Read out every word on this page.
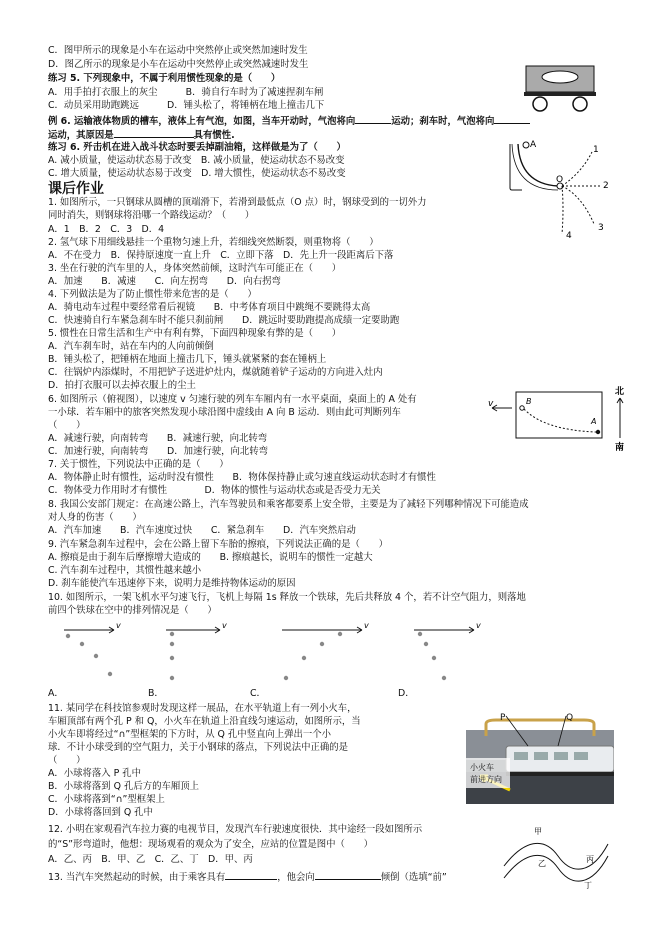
C．图甲所示的现象是小车在运动中突然停止或突然加速时发生
D．图乙所示的现象是小车在运动中突然停止或突然减速时发生
练习 5. 下列现象中，不属于利用惯性现象的是（　　）
A．用手拍打衣服上的灰尘　　　B．骑自行车时为了减速捏刹车闸
C．动员采用助跑跳远　　　D．锤头松了，将锤柄在地上撞击几下
例 6. 运输液体物质的槽车，液体上有气泡，如图，当车开动时，气泡将向	运动；刹车时，气泡将向
运动，其原因是	具有惯性.
练习 6. 歼击机在进入战斗状态时要丢掉副油箱，这样做是为了（　　）
A. 减小质量，使运动状态易于改变　B. 减小质量，使运动状态不易改变
C. 增大质量，使运动状态易于改变　D. 增大惯性，使运动状态不易改变
课后作业
1. 如图所示，一只钢球从圆槽的顶端滑下，若滑到最低点（O 点）时，钢球受到的一切外力
同时消失，则钢球将沿哪一个路线运动？（　　）
A．1　B．2　C．3　D．4
2. 氢气球下用细线悬挂一个重物匀速上升，若细线突然断裂，则重物将（　　）
A．不在受力　B．保持原速度一直上升　C．立即下落　D．先上升一段距离后下落
3. 坐在行驶的汽车里的人，身体突然前倾，这时汽车可能正在（　　）
A．加速　　B．减速　　C．向左拐弯　　D．向右拐弯
4. 下列做法是为了防止惯性带来危害的是（　　）
A．骑电动车过程中要经常看后视镜　　B．中考体育项目中跳绳不要跳得太高
C．快速骑自行车紧急刹车时不能只刹前闸　　D．跳远时要助跑提高成绩一定要助跑
5. 惯性在日常生活和生产中有利有弊，下面四种现象有弊的是（　　）
A．汽车刹车时，站在车内的人向前倾倒
B．锤头松了，把锤柄在地面上撞击几下，锤头就紧紧的套在锤柄上
C．往锅炉内添煤时，不用把铲子送进炉灶内，煤就随着铲子运动的方向进入灶内
D．拍打衣服可以去掉衣服上的尘土
6. 如图所示（俯视图），以速度 v 匀速行驶的列车车厢内有一水平桌面，桌面上的 A 处有
一小球．若车厢中的旅客突然发现小球沿图中虚线由 A 向 B 运动．则由此可判断列车
（　　）
A．减速行驶，向南转弯　　B．减速行驶，向北转弯
C．加速行驶，向南转弯　　D．加速行驶，向北转弯
7. 关于惯性，下列说法中正确的是（　　）
A．物体静止时有惯性，运动时没有惯性　　B．物体保持静止或匀速直线运动状态时才有惯性
C．物体受力作用时才有惯性　　　　D．物体的惯性与运动状态或是否受力无关
8. 我国公安部门规定：在高速公路上，汽车驾驶员和乘客都要系上安全带，主要是为了减轻下列哪种情况下可能造成
对人身的伤害（　　）
A．汽车加速　　B．汽车速度过快　　C．紧急刹车　　D．汽车突然启动
9. 汽车紧急刹车过程中，会在公路上留下车胎的擦痕，下列说法正确的是（　　）
A. 擦痕是由于刹车后摩擦增大造成的　　B. 擦痕越长，说明车的惯性一定越大
C. 汽车刹车过程中，其惯性越来越小
D. 刹车能使汽车迅速停下来，说明力是维持物体运动的原因
10. 如图所示，一架飞机水平匀速飞行，飞机上每隔 1s 释放一个铁球，先后共释放 4 个，若不计空气阻力，则落地
前四个铁球在空中的排列情况是（　　）
11. 某同学在科技馆参观时发现这样一展品，在水平轨道上有一列小火车，
车厢顶部有两个孔 P 和 Q，小火车在轨道上沿直线匀速运动，如图所示，当
小火车即将经过“∩”型框架的下方时，从 Q 孔中竖直向上弹出一个小
球．不计小球受到的空气阻力，关于小钢球的落点，下列说法中正确的是
（　　）
A．小球将落入 P 孔中
B．小球将落到 Q 孔后方的车厢顶上
C．小球将落到“∩”型框架上
D．小球将落回到 Q 孔中
12. 小明在家观看汽车拉力赛的电视节目，发现汽车行驶速度很快．其中途经一段如图所示
的“S”形弯道时，他想：现场观看的观众为了安全，应站的位置是图中（　　）
A．乙、丙　B．甲、乙　C．乙、丁　D．甲、丙
13. 当汽车突然起动的时候，由于乘客具有	，他会向	倾倒（选填“前”
A
O
1
2
3
4
v	B
A
北
南
v	v	v	v
A．	B．	C．	D．
小火车
前进方向
P	Q
甲
乙	丙
丁
